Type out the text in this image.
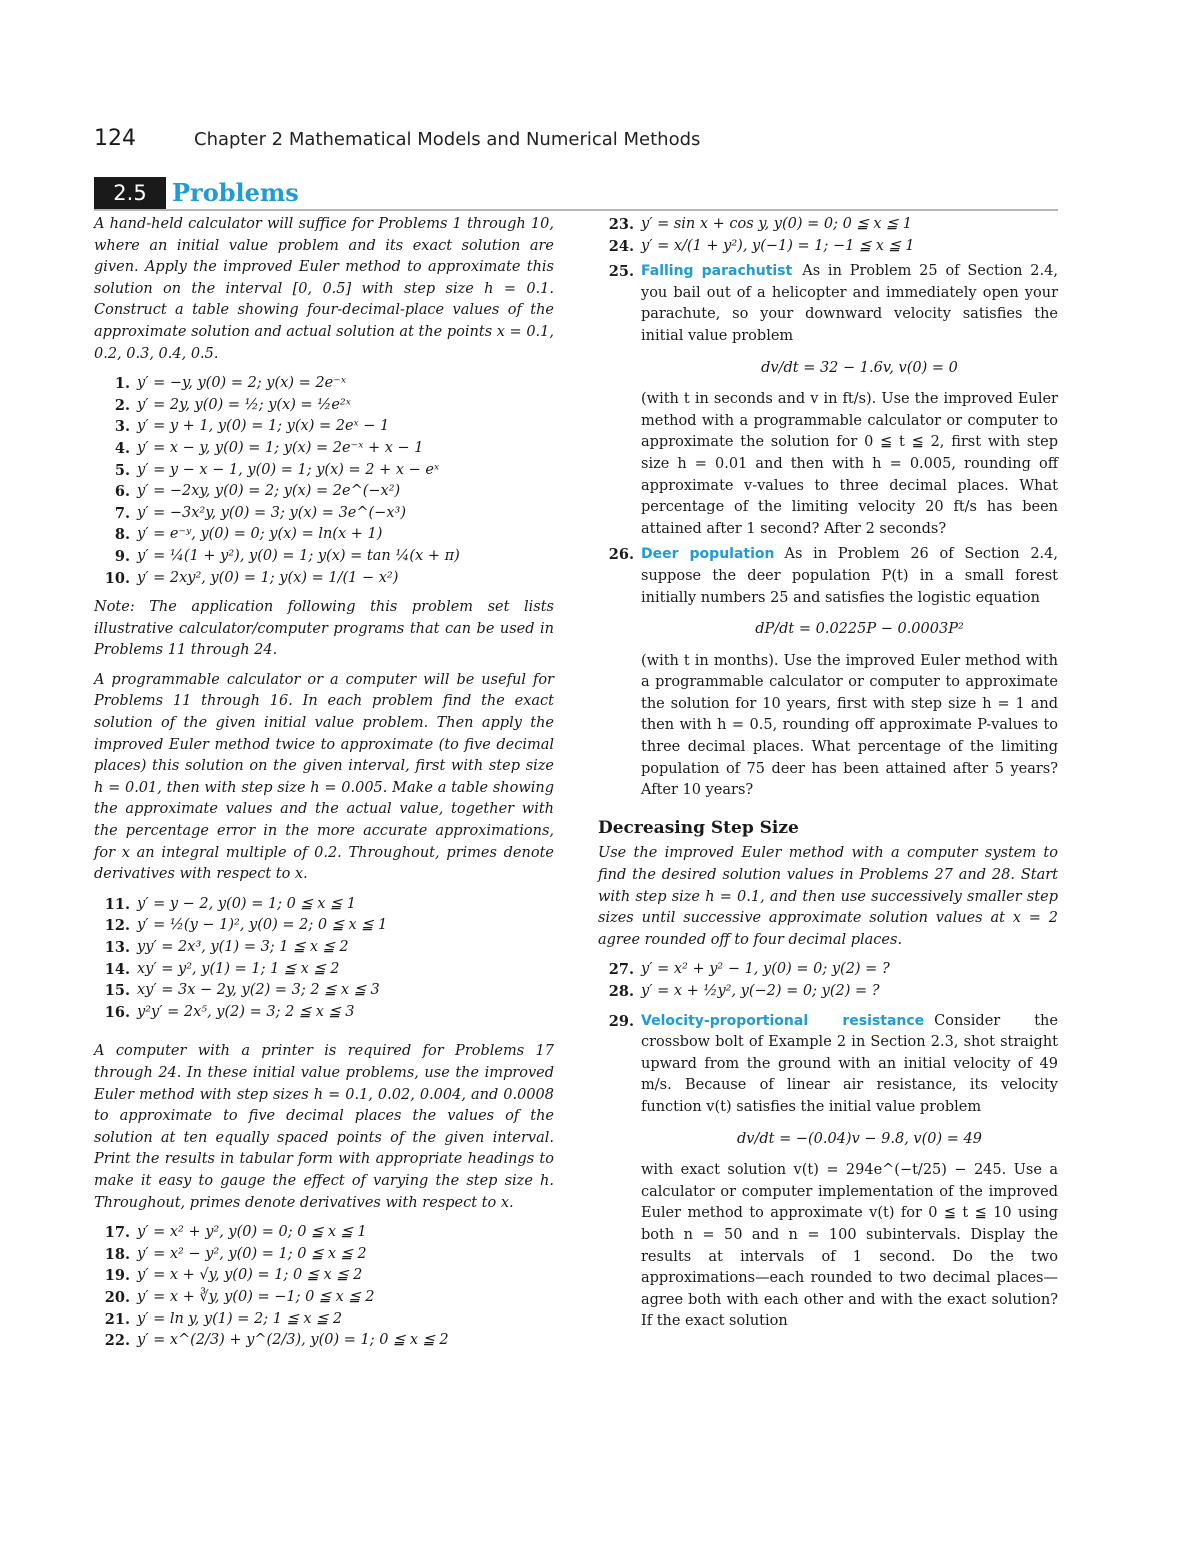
124	Chapter 2 Mathematical Models and Numerical Methods
2.5	Problems

A hand-held calculator will suffice for Problems 1 through 10, where an initial value problem and its exact solution are given. Apply the improved Euler method to approximate this solution on the interval [0, 0.5] with step size h = 0.1. Construct a table showing four-decimal-place values of the approximate solution and actual solution at the points x = 0.1, 0.2, 0.3, 0.4, 0.5.

1. y′ = −y, y(0) = 2; y(x) = 2e⁻ˣ
2. y′ = 2y, y(0) = ½; y(x) = ½e²ˣ
3. y′ = y + 1, y(0) = 1; y(x) = 2eˣ − 1
4. y′ = x − y, y(0) = 1; y(x) = 2e⁻ˣ + x − 1
5. y′ = y − x − 1, y(0) = 1; y(x) = 2 + x − eˣ
6. y′ = −2xy, y(0) = 2; y(x) = 2e^(−x²)
7. y′ = −3x²y, y(0) = 3; y(x) = 3e^(−x³)
8. y′ = e⁻ʸ, y(0) = 0; y(x) = ln(x + 1)
9. y′ = ¼(1 + y²), y(0) = 1; y(x) = tan ¼(x + π)
10. y′ = 2xy², y(0) = 1; y(x) = 1/(1 − x²)

Note: The application following this problem set lists illustrative calculator/computer programs that can be used in Problems 11 through 24.

A programmable calculator or a computer will be useful for Problems 11 through 16. In each problem find the exact solution of the given initial value problem. Then apply the improved Euler method twice to approximate (to five decimal places) this solution on the given interval, first with step size h = 0.01, then with step size h = 0.005. Make a table showing the approximate values and the actual value, together with the percentage error in the more accurate approximations, for x an integral multiple of 0.2. Throughout, primes denote derivatives with respect to x.

11. y′ = y − 2, y(0) = 1; 0 ≦ x ≦ 1
12. y′ = ½(y − 1)², y(0) = 2; 0 ≦ x ≦ 1
13. yy′ = 2x³, y(1) = 3; 1 ≦ x ≦ 2
14. xy′ = y², y(1) = 1; 1 ≦ x ≦ 2
15. xy′ = 3x − 2y, y(2) = 3; 2 ≦ x ≦ 3
16. y²y′ = 2x⁵, y(2) = 3; 2 ≦ x ≦ 3

A computer with a printer is required for Problems 17 through 24. In these initial value problems, use the improved Euler method with step sizes h = 0.1, 0.02, 0.004, and 0.0008 to approximate to five decimal places the values of the solution at ten equally spaced points of the given interval. Print the results in tabular form with appropriate headings to make it easy to gauge the effect of varying the step size h. Throughout, primes denote derivatives with respect to x.

17. y′ = x² + y², y(0) = 0; 0 ≦ x ≦ 1
18. y′ = x² − y², y(0) = 1; 0 ≦ x ≦ 2
19. y′ = x + √y, y(0) = 1; 0 ≦ x ≦ 2
20. y′ = x + ∛y, y(0) = −1; 0 ≦ x ≦ 2
21. y′ = ln y, y(1) = 2; 1 ≦ x ≦ 2
22. y′ = x^(2/3) + y^(2/3), y(0) = 1; 0 ≦ x ≦ 2
23. y′ = sin x + cos y, y(0) = 0; 0 ≦ x ≦ 1
24. y′ = x/(1 + y²), y(−1) = 1; −1 ≦ x ≦ 1
25. Falling parachutist As in Problem 25 of Section 2.4, you bail out of a helicopter and immediately open your parachute, so your downward velocity satisfies the initial value problem
dv/dt = 32 − 1.6v, v(0) = 0
(with t in seconds and v in ft/s). Use the improved Euler method with a programmable calculator or computer to approximate the solution for 0 ≦ t ≦ 2, first with step size h = 0.01 and then with h = 0.005, rounding off approximate v-values to three decimal places. What percentage of the limiting velocity 20 ft/s has been attained after 1 second? After 2 seconds?
26. Deer population As in Problem 26 of Section 2.4, suppose the deer population P(t) in a small forest initially numbers 25 and satisfies the logistic equation
dP/dt = 0.0225P − 0.0003P²
(with t in months). Use the improved Euler method with a programmable calculator or computer to approximate the solution for 10 years, first with step size h = 1 and then with h = 0.5, rounding off approximate P-values to three decimal places. What percentage of the limiting population of 75 deer has been attained after 5 years? After 10 years?
Decreasing Step Size

Use the improved Euler method with a computer system to find the desired solution values in Problems 27 and 28. Start with step size h = 0.1, and then use successively smaller step sizes until successive approximate solution values at x = 2 agree rounded off to four decimal places.

27. y′ = x² + y² − 1, y(0) = 0; y(2) = ?
28. y′ = x + ½y², y(−2) = 0; y(2) = ?
29. Velocity-proportional resistance Consider the crossbow bolt of Example 2 in Section 2.3, shot straight upward from the ground with an initial velocity of 49 m/s. Because of linear air resistance, its velocity function v(t) satisfies the initial value problem
dv/dt = −(0.04)v − 9.8, v(0) = 49
with exact solution v(t) = 294e^(−t/25) − 245. Use a calculator or computer implementation of the improved Euler method to approximate v(t) for 0 ≦ t ≦ 10 using both n = 50 and n = 100 subintervals. Display the results at intervals of 1 second. Do the two approximations—each rounded to two decimal places—agree both with each other and with the exact solution? If the exact solution
